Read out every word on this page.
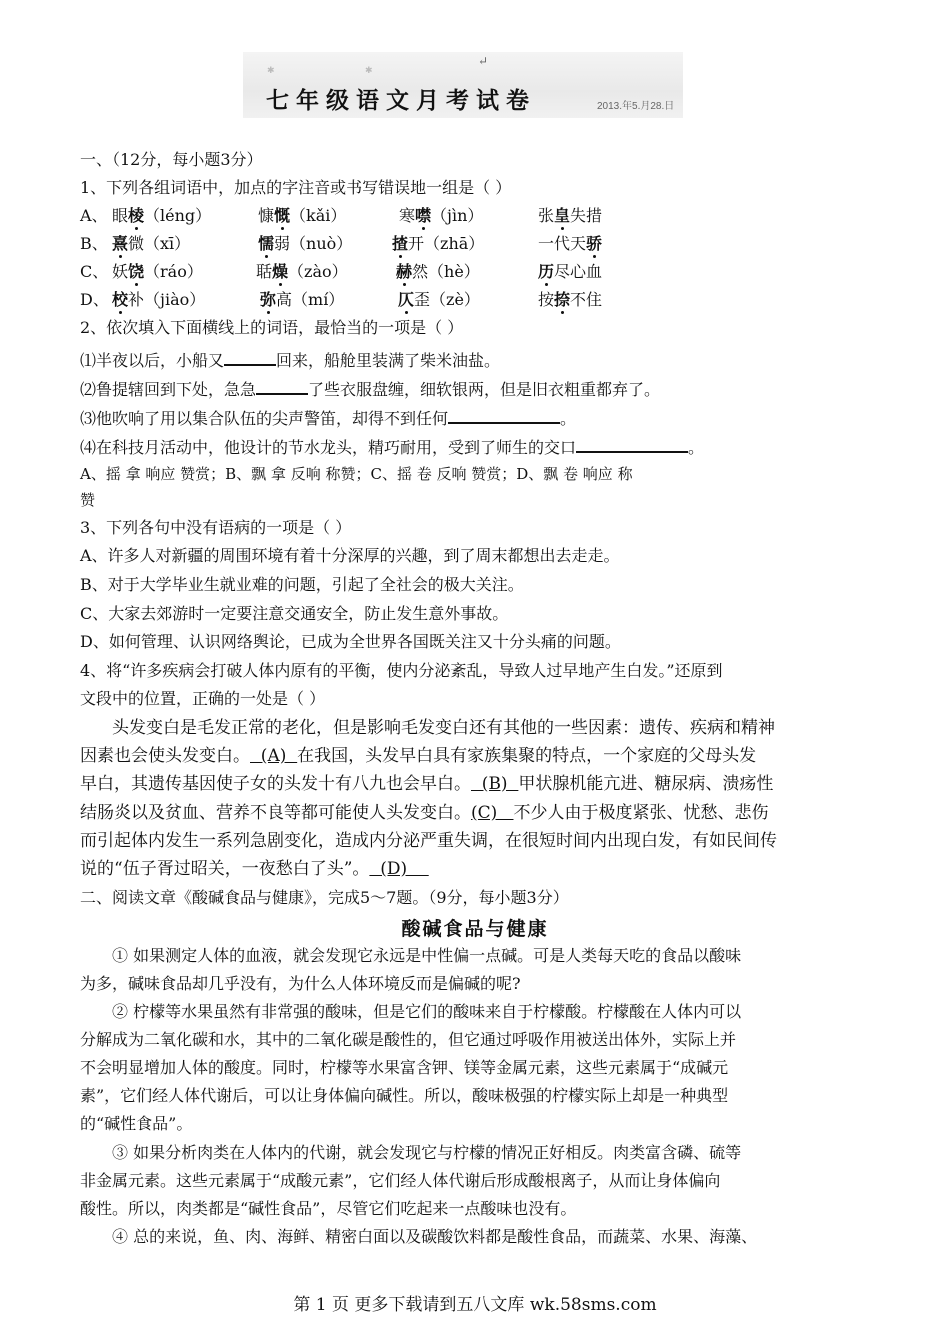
✱	✱
↵
七年级语文月考试卷	2013.年5.月28.日
一、（12分，每小题3分）
1、下列各组词语中，加点的字注音或书写错误地一组是（ ）
A、 眼棱（léng）	慷慨（kǎi）	寒噤（jìn）	张皇失措
B、 熹微（xī）	懦弱（nuò） 揸开（zhā）	一代天骄
C、 妖饶（ráo）	聒燥（zào）	赫然（hè）	历尽心血
D、 校补（jiào）	弥高（mí）	仄歪（zè）	按捺不住
2、依次填入下面横线上的词语，最恰当的一项是（ ）
⑴半夜以后，小船又	回来，船舱里装满了柴米油盐。
⑵鲁提辖回到下处，急急	了些衣服盘缠，细软银两，但是旧衣粗重都弃了。
⑶他吹响了用以集合队伍的尖声警笛，却得不到任何	。
⑷在科技月活动中，他设计的节水龙头，精巧耐用，受到了师生的交口	。
A、摇 拿 响应 赞赏；B、飘 拿 反响 称赞；C、摇 卷 反响 赞赏；D、飘 卷 响应 称
赞
3、下列各句中没有语病的一项是（ ）
A、许多人对新疆的周围环境有着十分深厚的兴趣，到了周末都想出去走走。
B、对于大学毕业生就业难的问题，引起了全社会的极大关注。
C、大家去郊游时一定要注意交通安全，防止发生意外事故。
D、如何管理、认识网络舆论，已成为全世界各国既关注又十分头痛的问题。
4、将“许多疾病会打破人体内原有的平衡，使内分泌紊乱，导致人过早地产生白发。”还原到
文段中的位置，正确的一处是（ ）
头发变白是毛发正常的老化，但是影响毛发变白还有其他的一些因素：遗传、疾病和精神
因素也会使头发变白。  (A)  在我国，头发早白具有家族集聚的特点，一个家庭的父母头发
早白，其遗传基因使子女的头发十有八九也会早白。  (B)  甲状腺机能亢进、糖尿病、溃疡性
结肠炎以及贫血、营养不良等都可能使人头发变白。(C)   不少人由于极度紧张、忧愁、悲伤
而引起体内发生一系列急剧变化，造成内分泌严重失调，在很短时间内出现白发，有如民间传
说的“伍子胥过昭关，一夜愁白了头”。  (D)
二、阅读文章《酸碱食品与健康》，完成5～7题。（9分，每小题3分）
酸碱食品与健康
① 如果测定人体的血液，就会发现它永远是中性偏一点碱。可是人类每天吃的食品以酸味
为多，碱味食品却几乎没有，为什么人体环境反而是偏碱的呢?
② 柠檬等水果虽然有非常强的酸味，但是它们的酸味来自于柠檬酸。柠檬酸在人体内可以
分解成为二氧化碳和水，其中的二氧化碳是酸性的，但它通过呼吸作用被送出体外，实际上并
不会明显增加人体的酸度。同时，柠檬等水果富含钾、镁等金属元素，这些元素属于“成碱元
素”，它们经人体代谢后，可以让身体偏向碱性。所以，酸味极强的柠檬实际上却是一种典型
的“碱性食品”。
③ 如果分析肉类在人体内的代谢，就会发现它与柠檬的情况正好相反。肉类富含磷、硫等
非金属元素。这些元素属于“成酸元素”，它们经人体代谢后形成酸根离子，从而让身体偏向
酸性。所以，肉类都是“碱性食品”，尽管它们吃起来一点酸味也没有。
④ 总的来说，鱼、肉、海鲜、精密白面以及碳酸饮料都是酸性食品，而蔬菜、水果、海藻、
第 1 页 更多下载请到五八文库 wk.58sms.com
